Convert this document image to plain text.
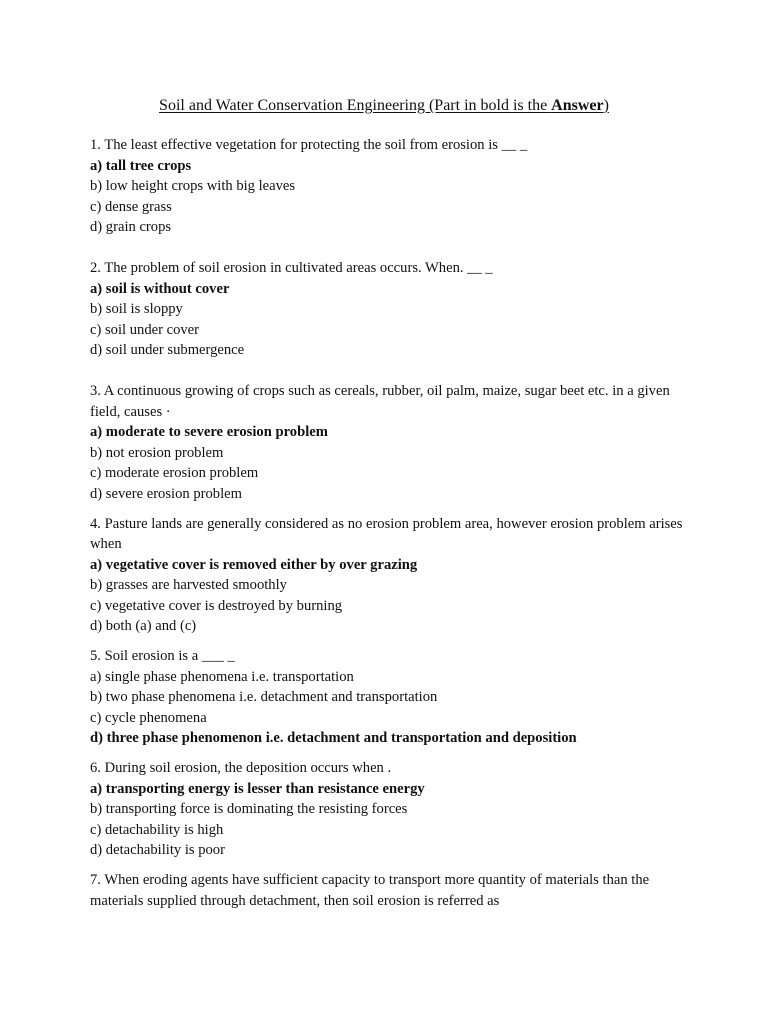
Soil and Water Conservation Engineering (Part in bold is the Answer)

1. The least effective vegetation for protecting the soil from erosion is __ _

a) tall tree crops

b) low height crops with big leaves

c) dense grass

d) grain crops

2. The problem of soil erosion in cultivated areas occurs. When. __ _

a) soil is without cover

b) soil is sloppy

c) soil under cover

d) soil under submergence

3. A continuous growing of crops such as cereals, rubber, oil palm, maize, sugar beet etc. in a given field, causes ·

a) moderate to severe erosion problem

b) not erosion problem

c) moderate erosion problem

d) severe erosion problem

4. Pasture lands are generally considered as no erosion problem area, however erosion problem arises when

a) vegetative cover is removed either by over grazing

b) grasses are harvested smoothly

c) vegetative cover is destroyed by burning

d) both (a) and (c)

5. Soil erosion is a ___ _

a) single phase phenomena i.e. transportation

b) two phase phenomena i.e. detachment and transportation

c) cycle phenomena

d) three phase phenomenon i.e. detachment and transportation and deposition

6. During soil erosion, the deposition occurs when .

a) transporting energy is lesser than resistance energy

b) transporting force is dominating the resisting forces

c) detachability is high

d) detachability is poor

7. When eroding agents have sufficient capacity to transport more quantity of materials than the materials supplied through detachment, then soil erosion is referred as
